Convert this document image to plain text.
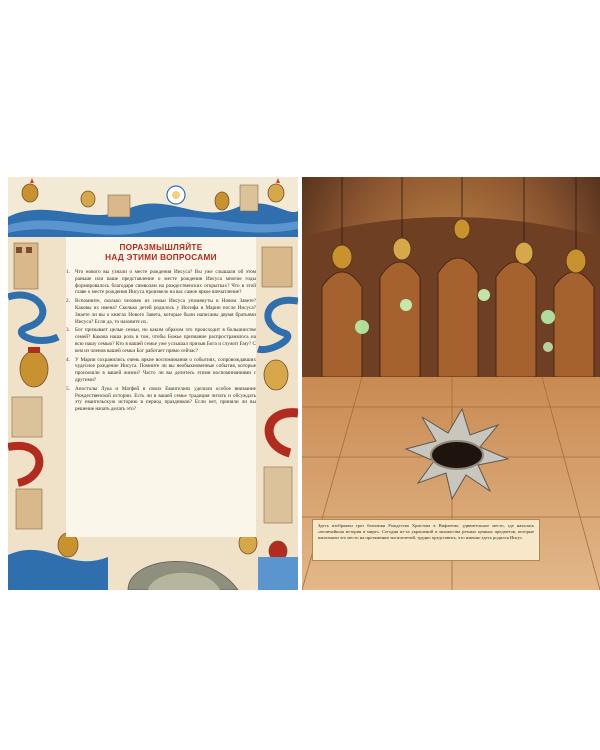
ПОРАЗМЫШЛЯЙТЕ
НАД ЭТИМИ ВОПРОСАМИ
1. Что нового вы узнали о месте рождения Иисуса? Вы уже слышали об этом раньше или ваше представление о месте рождения Иисуса многие годы формировалось благодаря символам на рождественских открытках? Что в этой главе о месте рождения Иисуса произвело на вас самое яркое впечатление?
2. Вспомните, сколько человек из семьи Иисуса упомянуты в Новом Завете? Каковы их имена? Сколько детей родилось у Иосифа и Марии после Иисуса? Знаете ли вы о книгах Нового Завета, которые были написаны двумя братьями Иисуса? Если да, то назовите их.
3. Бог призывает целые семьи, но каким образом это происходит в большинстве семей? Какова наша роль в том, чтобы Божье призвание распространялось на всю нашу семью? Кто в вашей семье уже услышал призыв Бога и служит Ему? С кем из членов вашей семьи Бог работает прямо сейчас?
4. У Марии сохранились очень яркие воспоминания о событиях, сопровождавших чудесное рождение Иисуса. Помните ли вы необыкновенные события, которые произошли в вашей жизни? Часто ли вы делитесь этими воспоминаниями с другими?
5. Апостолы Лука и Матфей в своих Евангелиях уделили особое внимание Рождественской истории. Есть ли в вашей семье традиция читать и обсуждать эту евангельскую историю в период праздников? Если нет, приняли ли вы решение начать делать это?
Здесь изображен грот базилики Рождества Христова в Вифлееме, удивительное место, где началась «величайшая история в мире». Сегодня из-за украшений и множества резных ценных предметов, которые наполняли это место на протяжении тысячелетий, трудно представить, что именно здесь родился Иисус.
